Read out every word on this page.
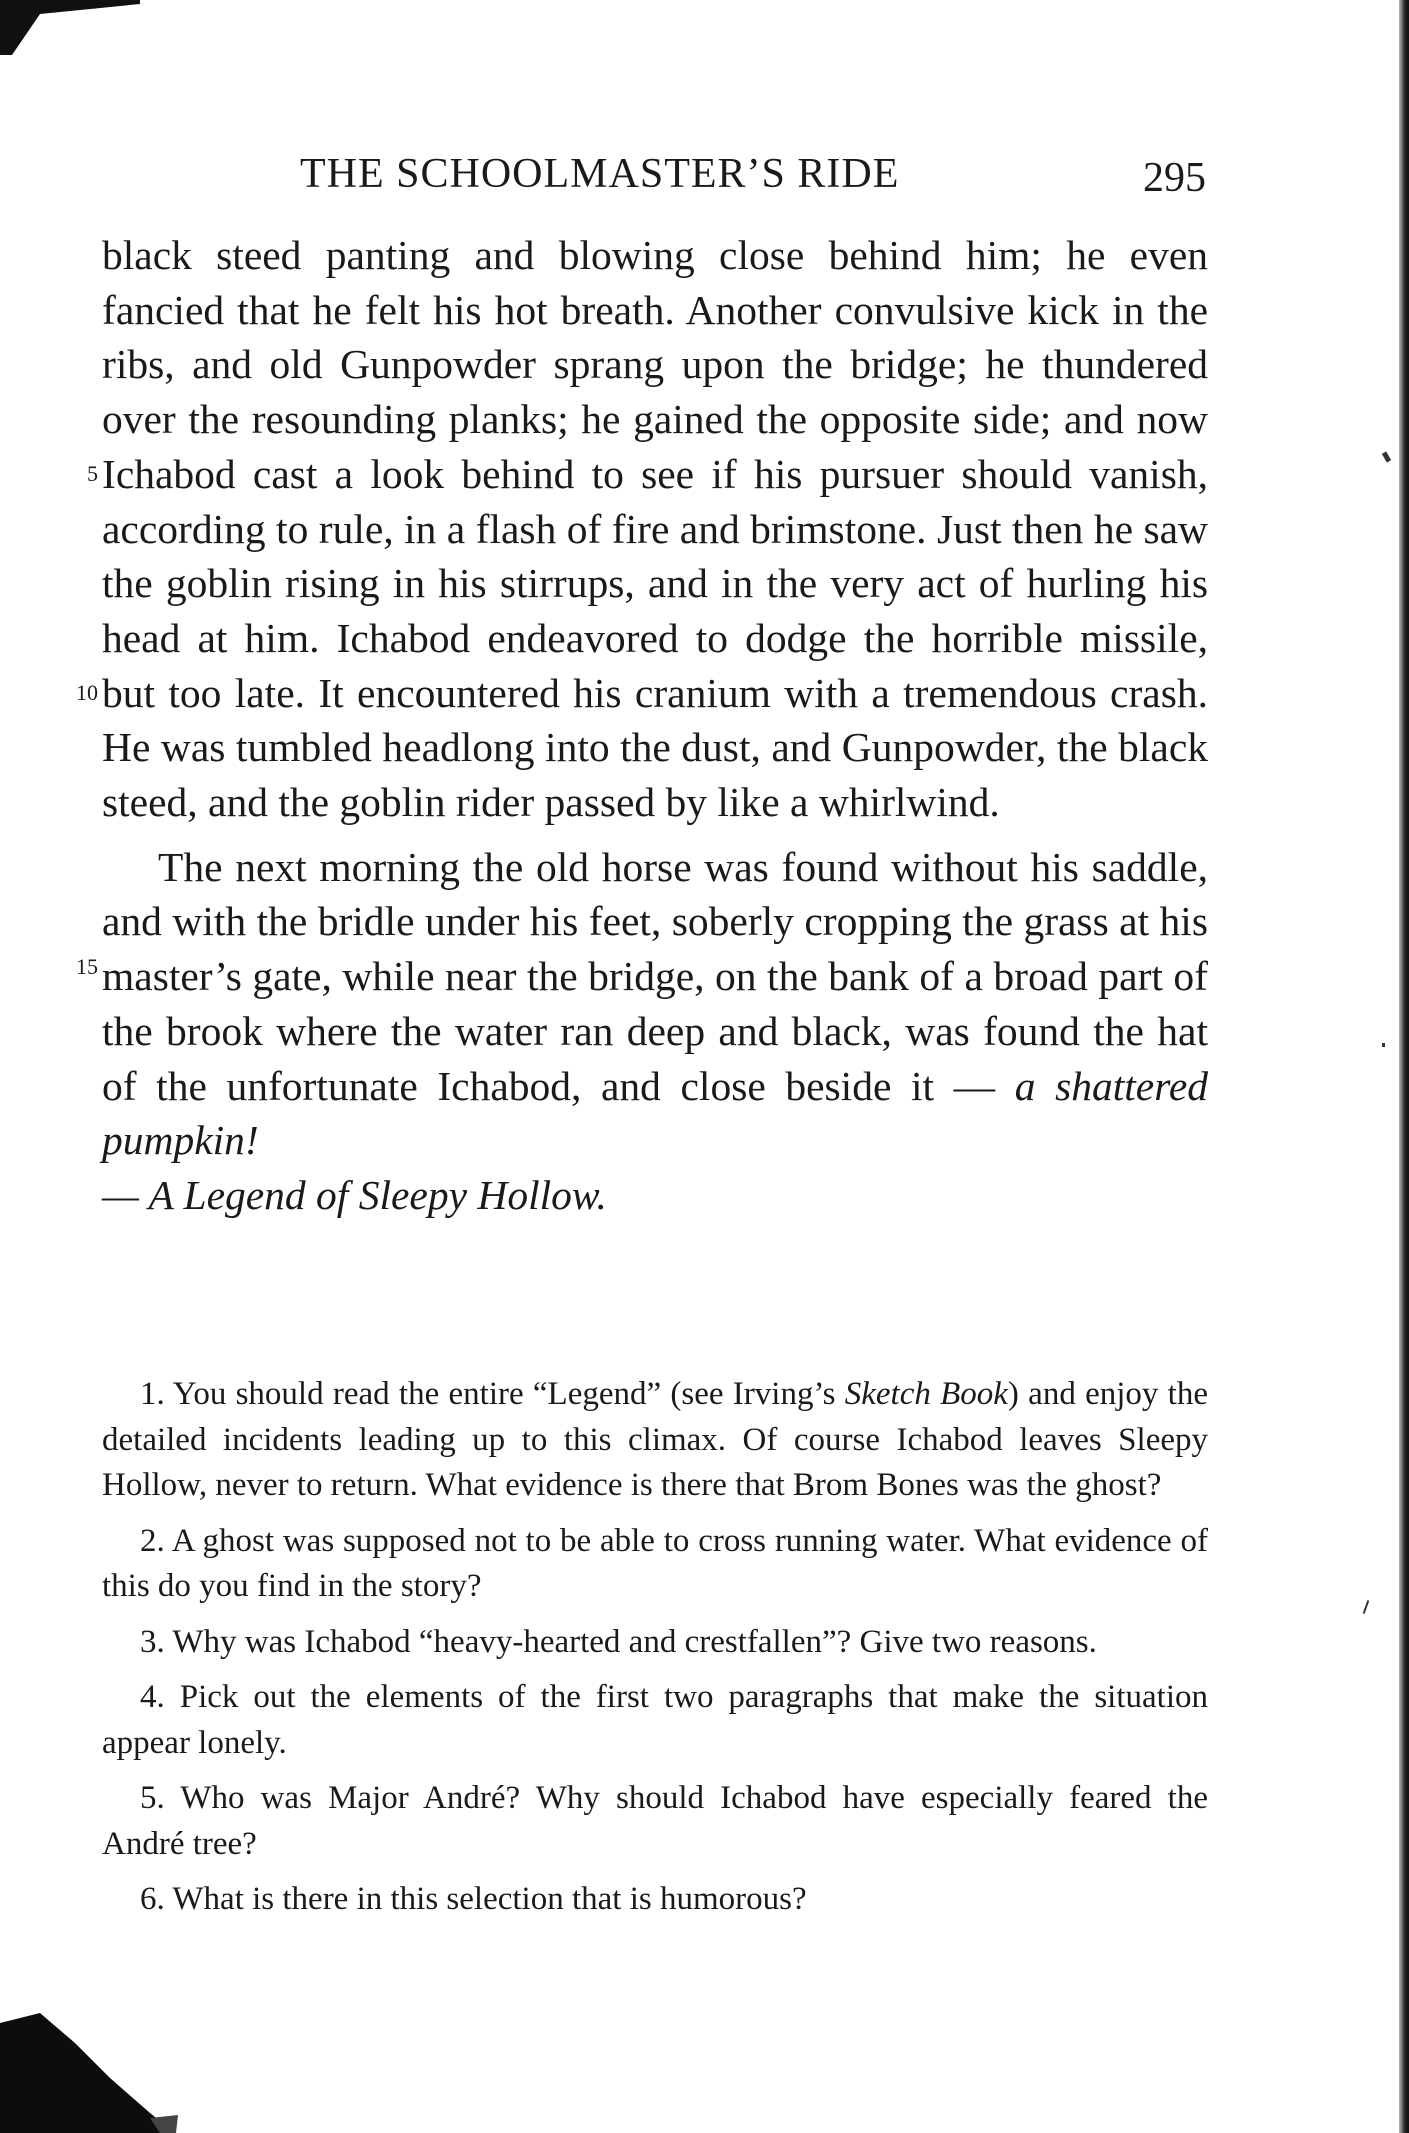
THE SCHOOLMASTER’S RIDE	295
5
10
15

black steed panting and blowing close behind him; he even fancied that he felt his hot breath. Another convulsive kick in the ribs, and old Gunpowder sprang upon the bridge; he thundered over the resounding planks; he gained the opposite side; and now Ichabod cast a look behind to see if his pursuer should vanish, according to rule, in a flash of fire and brimstone. Just then he saw the goblin rising in his stirrups, and in the very act of hurling his head at him. Ichabod endeavored to dodge the horrible missile, but too late. It encountered his cranium with a tremendous crash. He was tumbled headlong into the dust, and Gunpowder, the black steed, and the goblin rider passed by like a whirlwind.

The next morning the old horse was found without his saddle, and with the bridle under his feet, soberly cropping the grass at his master’s gate, while near the bridge, on the bank of a broad part of the brook where the water ran deep and black, was found the hat of the unfortunate Ichabod, and close beside it — a shattered pumpkin!

— A Legend of Sleepy Hollow.

1. You should read the entire “Legend” (see Irving’s Sketch Book) and enjoy the detailed incidents leading up to this climax. Of course Ichabod leaves Sleepy Hollow, never to return. What evidence is there that Brom Bones was the ghost?

2. A ghost was supposed not to be able to cross running water. What evidence of this do you find in the story?

3. Why was Ichabod “heavy-hearted and crestfallen”? Give two reasons.

4. Pick out the elements of the first two paragraphs that make the situation appear lonely.

5. Who was Major André? Why should Ichabod have especially feared the André tree?

6. What is there in this selection that is humorous?
